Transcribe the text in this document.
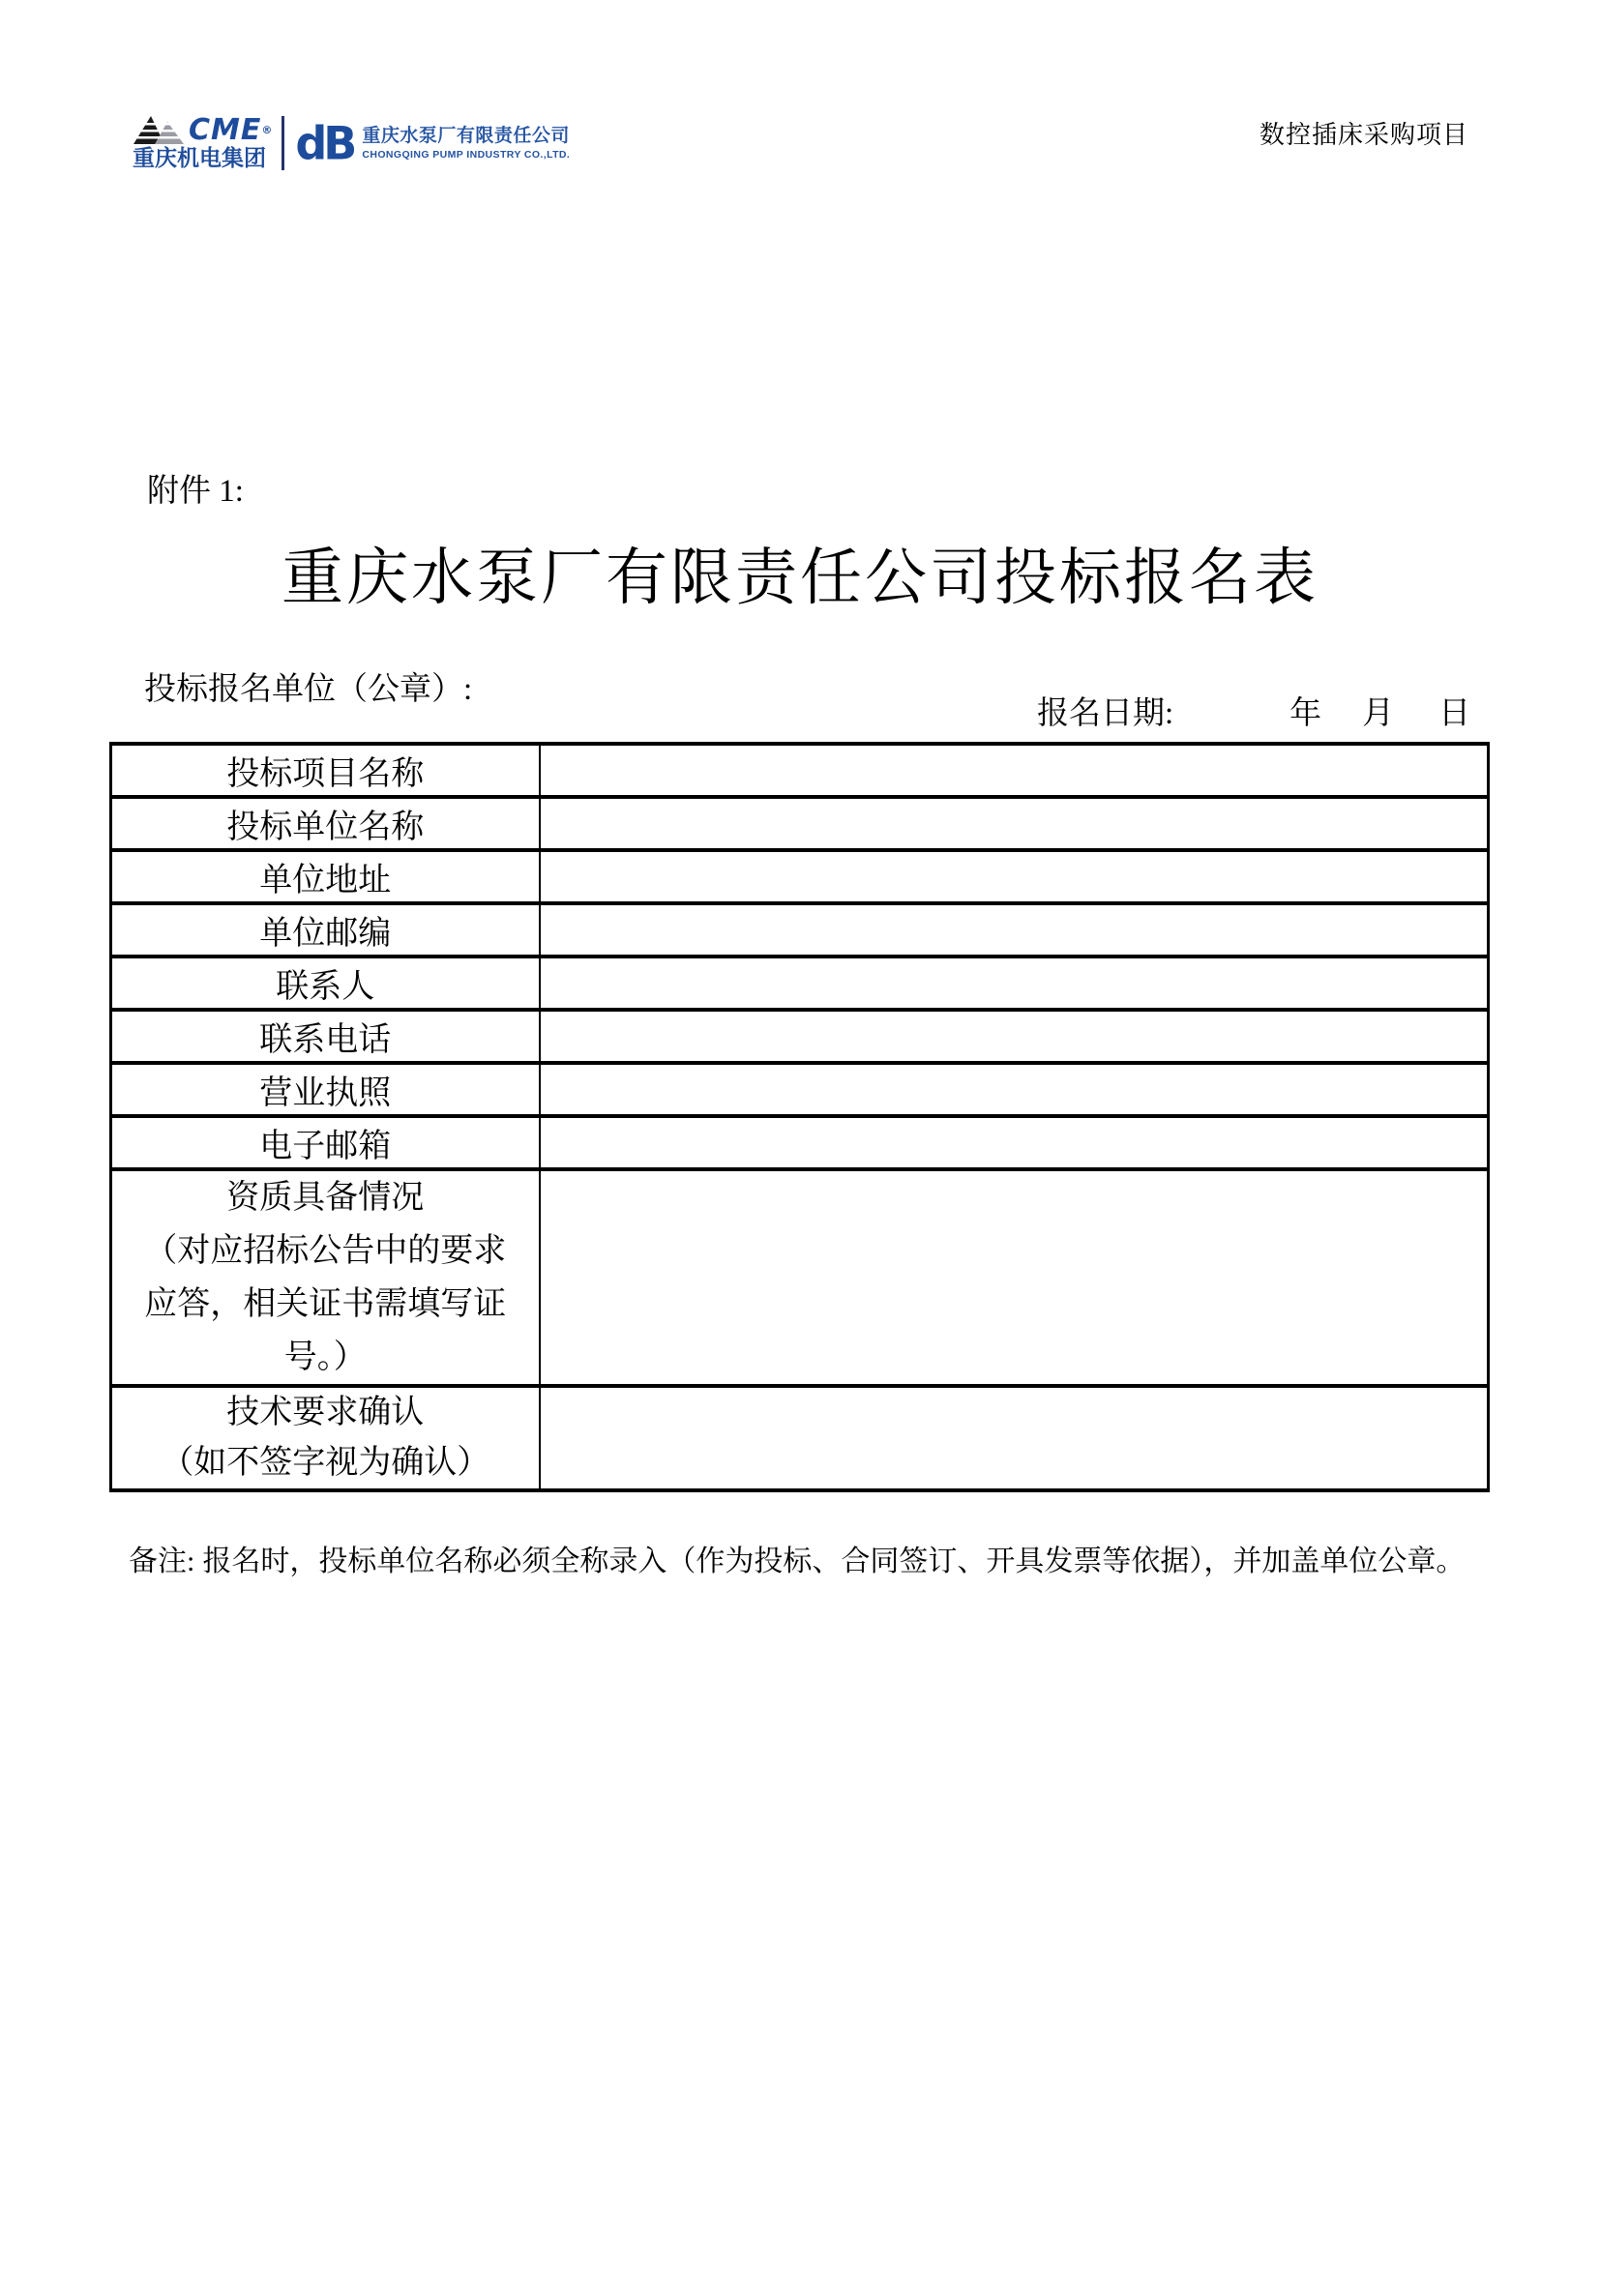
CME®
重庆机电集团 dB 重庆水泵厂有限责任公司
CHONGQING PUMP INDUSTRY CO.,LTD.
数控插床采购项目
附件 1:
重庆水泵厂有限责任公司投标报名表
投标报名单位（公章）:
报名日期:	年 月 日
投标项目名称	
投标单位名称	
单位地址	
单位邮编	
联系人	
联系电话	
营业执照	
电子邮箱	

资质具备情况
（对应招标公告中的要求
应答，相关证书需填写证
号。）	

技术要求确认
（如不签字视为确认）	

备注: 报名时，投标单位名称必须全称录入（作为投标、合同签订、开具发票等依据），并加盖单位公章。
